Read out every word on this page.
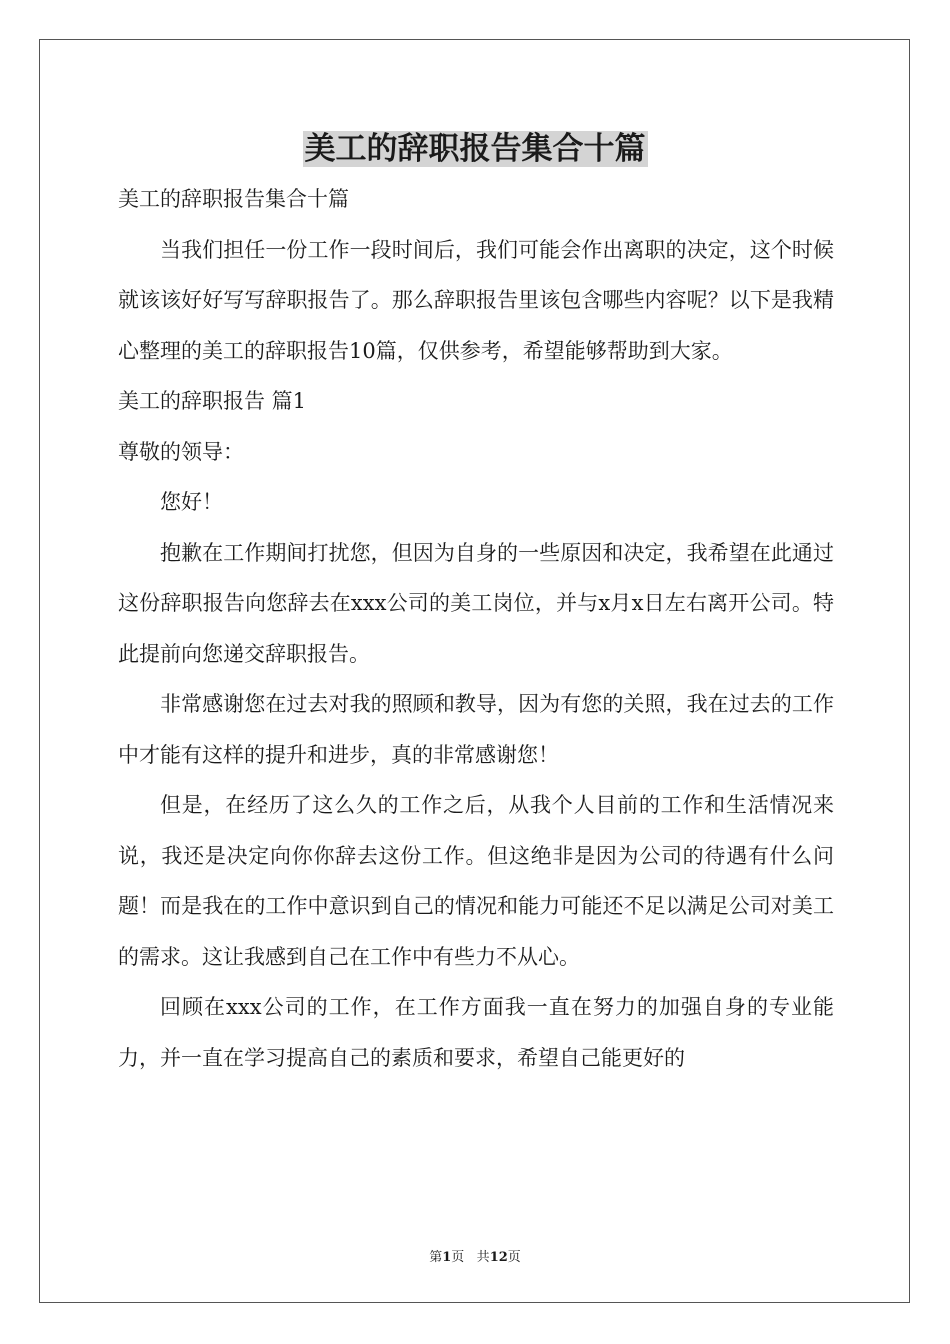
美工的辞职报告集合十篇

美工的辞职报告集合十篇

当我们担任一份工作一段时间后，我们可能会作出离职的决定，这个时候就该该好好写写辞职报告了。那么辞职报告里该包含哪些内容呢？以下是我精心整理的美工的辞职报告10篇，仅供参考，希望能够帮助到大家。

美工的辞职报告 篇1

尊敬的领导：

您好！

抱歉在工作期间打扰您，但因为自身的一些原因和决定，我希望在此通过这份辞职报告向您辞去在xxx公司的美工岗位，并与x月x日左右离开公司。特此提前向您递交辞职报告。

非常感谢您在过去对我的照顾和教导，因为有您的关照，我在过去的工作中才能有这样的提升和进步，真的非常感谢您！

但是，在经历了这么久的工作之后，从我个人目前的工作和生活情况来说，我还是决定向你你辞去这份工作。但这绝非是因为公司的待遇有什么问题！而是我在的工作中意识到自己的情况和能力可能还不足以满足公司对美工的需求。这让我感到自己在工作中有些力不从心。

回顾在xxx公司的工作，在工作方面我一直在努力的加强自身的专业能力，并一直在学习提高自己的素质和要求，希望自己能更好的

第1页 共12页
